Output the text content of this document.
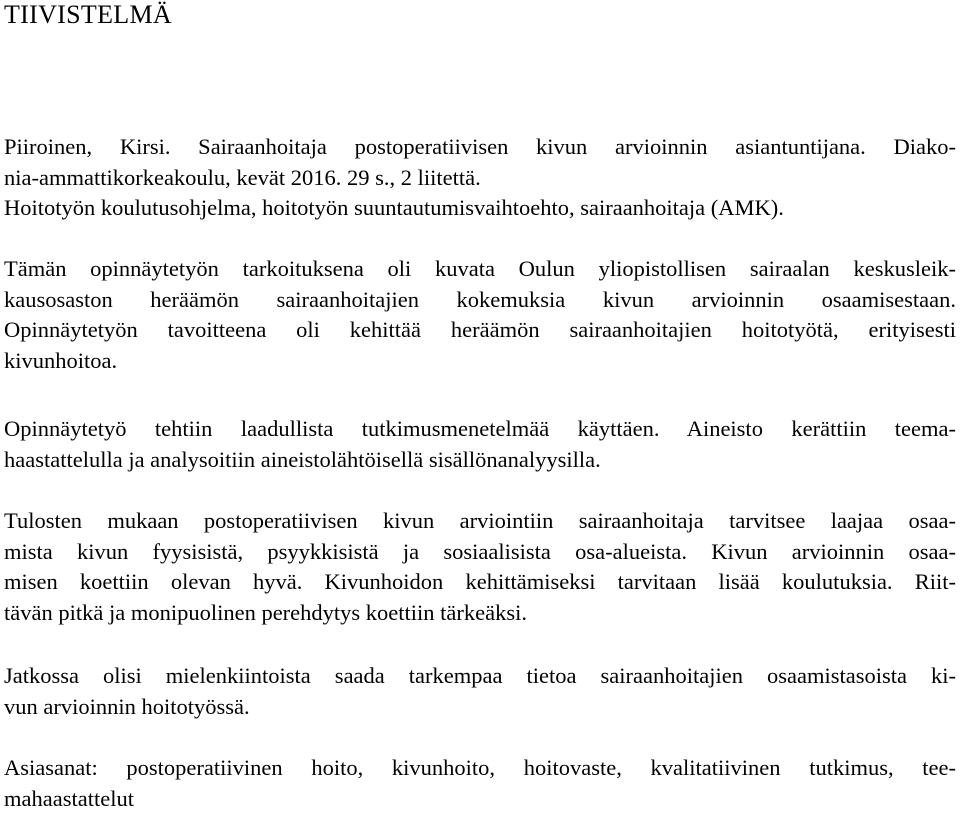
TIIVISTELMÄ
Piiroinen, Kirsi. Sairaanhoitaja postoperatiivisen kivun arvioinnin asiantuntijana. Diako-
nia-ammattikorkeakoulu, kevät 2016. 29 s., 2 liitettä.
Hoitotyön koulutusohjelma, hoitotyön suuntautumisvaihtoehto, sairaanhoitaja (AMK).
Tämän opinnäytetyön tarkoituksena oli kuvata Oulun yliopistollisen sairaalan keskusleik-
kausosaston heräämön sairaanhoitajien kokemuksia kivun arvioinnin osaamisestaan.
Opinnäytetyön tavoitteena oli kehittää heräämön sairaanhoitajien hoitotyötä, erityisesti
kivunhoitoa.
Opinnäytetyö tehtiin laadullista tutkimusmenetelmää käyttäen. Aineisto kerättiin teema-
haastattelulla ja analysoitiin aineistolähtöisellä sisällönanalyysilla.
Tulosten mukaan postoperatiivisen kivun arviointiin sairaanhoitaja tarvitsee laajaa osaa-
mista kivun fyysisistä, psyykkisistä ja sosiaalisista osa-alueista. Kivun arvioinnin osaa-
misen koettiin olevan hyvä. Kivunhoidon kehittämiseksi tarvitaan lisää koulutuksia. Riit-
tävän pitkä ja monipuolinen perehdytys koettiin tärkeäksi.
Jatkossa olisi mielenkiintoista saada tarkempaa tietoa sairaanhoitajien osaamistasoista ki-
vun arvioinnin hoitotyössä.
Asiasanat: postoperatiivinen hoito, kivunhoito, hoitovaste, kvalitatiivinen tutkimus, tee-
mahaastattelut
